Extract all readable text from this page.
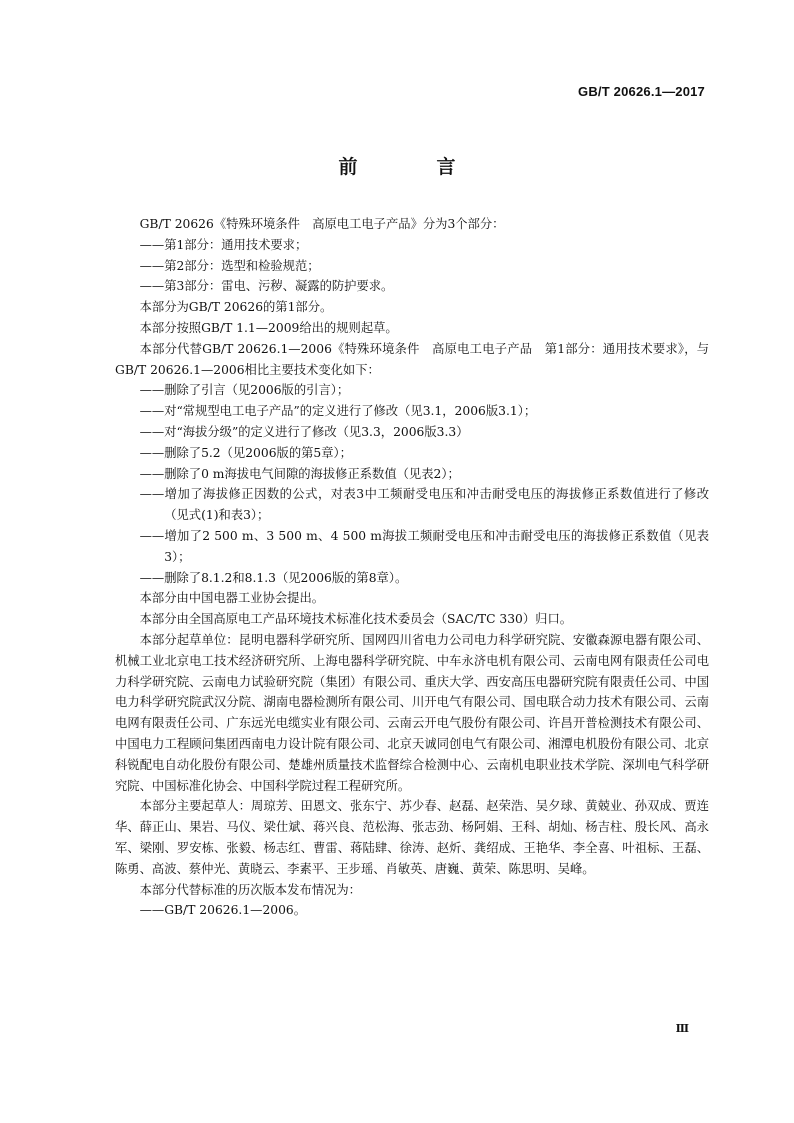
GB/T 20626.1—2017
前　言

GB/T 20626《特殊环境条件　高原电工电子产品》分为3个部分：

——第1部分：通用技术要求；

——第2部分：选型和检验规范；

——第3部分：雷电、污秽、凝露的防护要求。

本部分为GB/T 20626的第1部分。

本部分按照GB/T 1.1—2009给出的规则起草。

本部分代替GB/T 20626.1—2006《特殊环境条件　高原电工电子产品　第1部分：通用技术要求》，与GB/T 20626.1—2006相比主要技术变化如下：

——删除了引言（见2006版的引言）；

——对“常规型电工电子产品”的定义进行了修改（见3.1，2006版3.1）；

——对“海拔分级”的定义进行了修改（见3.3，2006版3.3）

——删除了5.2（见2006版的第5章）；

——删除了0 m海拔电气间隙的海拔修正系数值（见表2）；

——增加了海拔修正因数的公式，对表3中工频耐受电压和冲击耐受电压的海拔修正系数值进行了修改（见式(1)和表3）；

——增加了2 500 m、3 500 m、4 500 m海拔工频耐受电压和冲击耐受电压的海拔修正系数值（见表3）；

——删除了8.1.2和8.1.3（见2006版的第8章）。

本部分由中国电器工业协会提出。

本部分由全国高原电工产品环境技术标准化技术委员会（SAC/TC 330）归口。

本部分起草单位：昆明电器科学研究所、国网四川省电力公司电力科学研究院、安徽森源电器有限公司、机械工业北京电工技术经济研究所、上海电器科学研究院、中车永济电机有限公司、云南电网有限责任公司电力科学研究院、云南电力试验研究院（集团）有限公司、重庆大学、西安高压电器研究院有限责任公司、中国电力科学研究院武汉分院、湖南电器检测所有限公司、川开电气有限公司、国电联合动力技术有限公司、云南电网有限责任公司、广东远光电缆实业有限公司、云南云开电气股份有限公司、许昌开普检测技术有限公司、中国电力工程顾问集团西南电力设计院有限公司、北京天诚同创电气有限公司、湘潭电机股份有限公司、北京科锐配电自动化股份有限公司、楚雄州质量技术监督综合检测中心、云南机电职业技术学院、深圳电气科学研究院、中国标准化协会、中国科学院过程工程研究所。

本部分主要起草人：周琼芳、田恩文、张东宁、苏少春、赵磊、赵荣浩、吴夕球、黄兢业、孙双成、贾连华、薛正山、果岩、马仪、梁仕斌、蒋兴良、范松海、张志劲、杨阿娟、王科、胡灿、杨吉柱、殷长风、高永军、梁刚、罗安栋、张毅、杨志红、曹雷、蒋陆肆、徐涛、赵炘、龚绍成、王艳华、李全喜、叶祖标、王磊、陈勇、高波、蔡仲光、黄晓云、李素平、王步瑶、肖敏英、唐巍、黄荣、陈思明、吴峰。

本部分代替标准的历次版本发布情况为：

——GB/T 20626.1—2006。

Ⅲ
